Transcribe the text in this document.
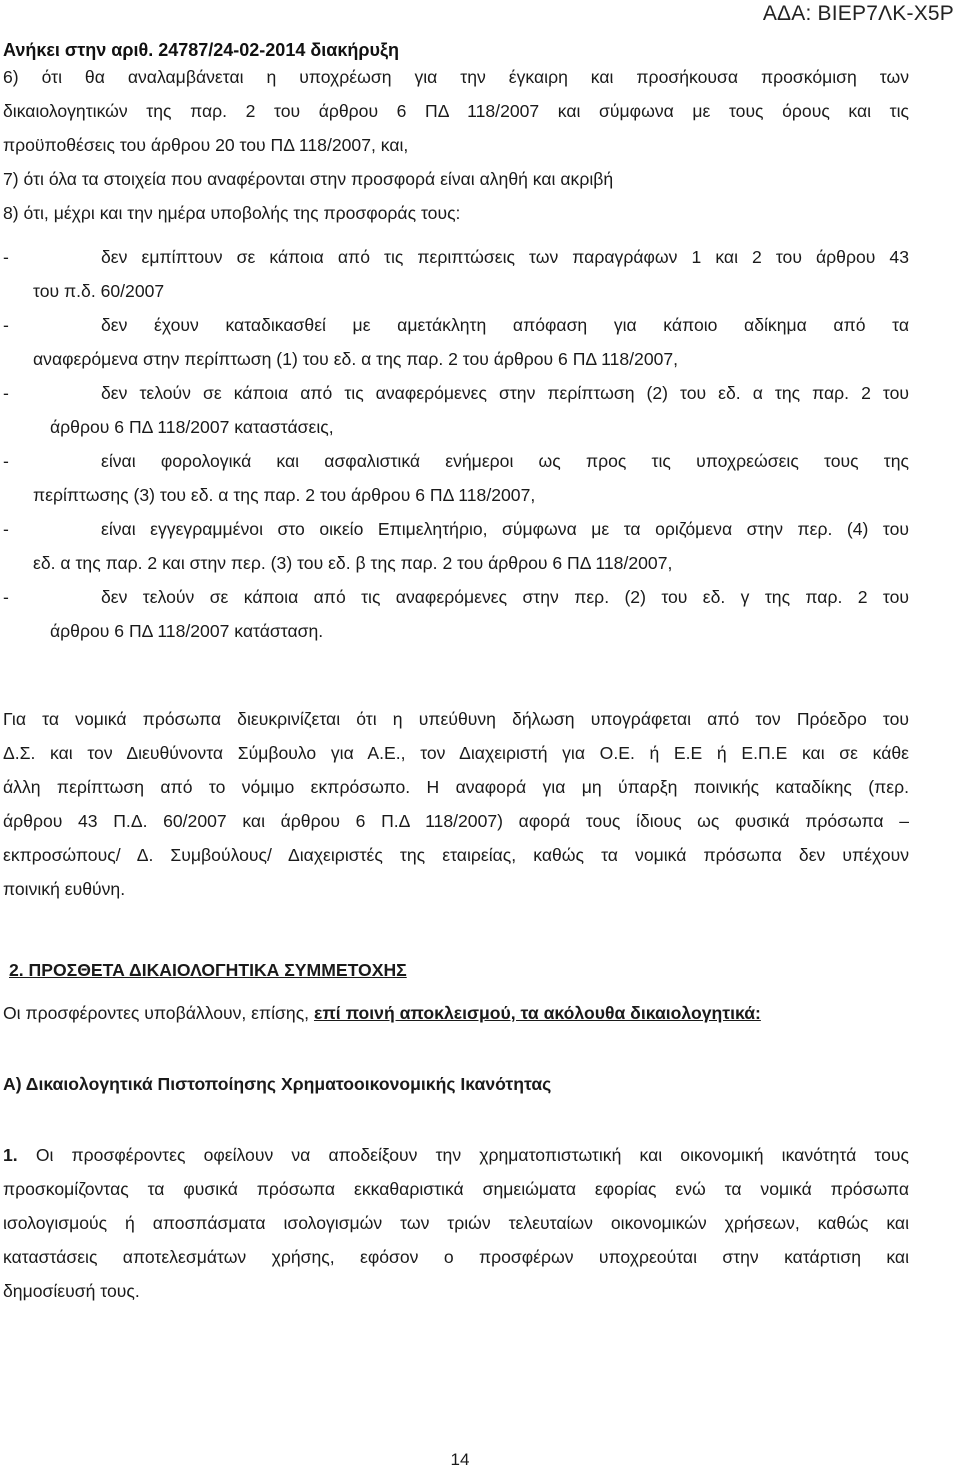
ΑΔΑ: ΒΙΕΡ7ΛΚ-Χ5Ρ
Ανήκει στην αριθ. 24787/24-02-2014 διακήρυξη
6) ότι θα αναλαμβάνεται η υποχρέωση για την έγκαιρη και προσήκουσα προσκόμιση των
δικαιολογητικών της παρ. 2 του άρθρου 6 ΠΔ 118/2007 και σύμφωνα με τους όρους και τις
προϋποθέσεις του άρθρου 20 του ΠΔ 118/2007, και,
7) ότι όλα τα στοιχεία που αναφέρονται στην προσφορά είναι αληθή και ακριβή
8) ότι, μέχρι και την ημέρα υποβολής της προσφοράς τους:
-	δεν εμπίπτουν σε κάποια από τις περιπτώσεις των παραγράφων 1 και 2 του άρθρου 43
του π.δ. 60/2007
-	δεν έχουν καταδικασθεί με αμετάκλητη απόφαση για κάποιο αδίκημα από τα
αναφερόμενα στην περίπτωση (1) του εδ. α της παρ. 2 του άρθρου 6 ΠΔ 118/2007,
-	δεν τελούν σε κάποια από τις αναφερόμενες στην περίπτωση (2) του εδ. α της παρ. 2 του
άρθρου 6 ΠΔ 118/2007 καταστάσεις,
-	είναι φορολογικά και ασφαλιστικά ενήμεροι ως προς τις υποχρεώσεις τους της
περίπτωσης (3) του εδ. α της παρ. 2 του άρθρου 6 ΠΔ 118/2007,
-	είναι εγγεγραμμένοι στο οικείο Επιμελητήριο, σύμφωνα με τα οριζόμενα στην περ. (4) του
εδ. α της παρ. 2 και στην περ. (3) του εδ. β της παρ. 2 του άρθρου 6 ΠΔ 118/2007,
-	δεν τελούν σε κάποια από τις αναφερόμενες στην περ. (2) του εδ. γ της παρ. 2 του
άρθρου 6 ΠΔ 118/2007 κατάσταση.
Για τα νομικά πρόσωπα διευκρινίζεται ότι η υπεύθυνη δήλωση υπογράφεται από τον Πρόεδρο του
Δ.Σ. και τον Διευθύνοντα Σύμβουλο για Α.Ε., τον Διαχειριστή για Ο.Ε. ή Ε.Ε ή Ε.Π.Ε και σε κάθε
άλλη περίπτωση από το νόμιμο εκπρόσωπο. Η αναφορά για μη ύπαρξη ποινικής καταδίκης (περ.
άρθρου 43 Π.Δ. 60/2007 και άρθρου 6 Π.Δ 118/2007) αφορά τους ίδιους ως φυσικά πρόσωπα –
εκπροσώπους/ Δ. Συμβούλους/ Διαχειριστές της εταιρείας, καθώς τα νομικά πρόσωπα δεν υπέχουν
ποινική ευθύνη.
2. ΠΡΟΣΘΕΤΑ ΔΙΚΑΙΟΛΟΓΗΤΙΚΑ ΣΥΜΜΕΤΟΧΗΣ
Οι προσφέροντες υποβάλλουν, επίσης, επί ποινή αποκλεισμού, τα ακόλουθα δικαιολογητικά:
Α) Δικαιολογητικά Πιστοποίησης Χρηματοοικονομικής Ικανότητας
1. Οι προσφέροντες οφείλουν να αποδείξουν την χρηματοπιστωτική και οικονομική ικανότητά τους
προσκομίζοντας τα φυσικά πρόσωπα εκκαθαριστικά σημειώματα εφορίας ενώ τα νομικά πρόσωπα
ισολογισμούς ή αποσπάσματα ισολογισμών των τριών τελευταίων οικονομικών χρήσεων, καθώς και
καταστάσεις αποτελεσμάτων χρήσης, εφόσον ο προσφέρων υποχρεούται στην κατάρτιση και
δημοσίευσή τους.
14
